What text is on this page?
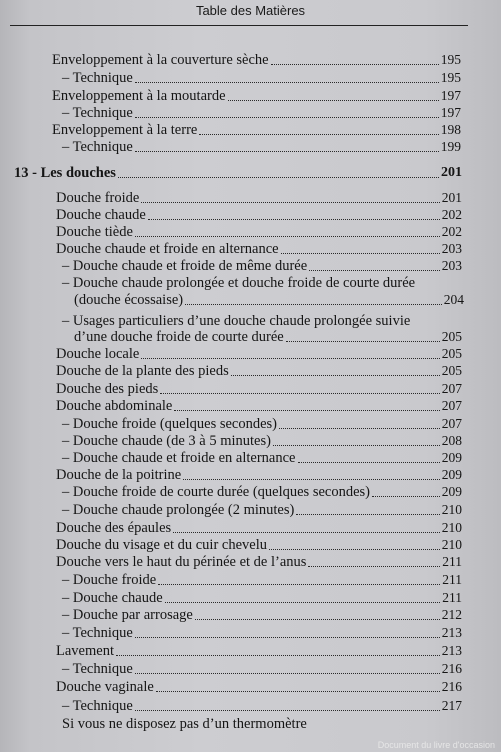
Table des Matières
Enveloppement à la couverture sèche	195
– Technique	195
Enveloppement à la moutarde	197
– Technique	197
Enveloppement à la terre	198
– Technique	199
13 - Les douches	201
Douche froide	201
Douche chaude	202
Douche tiède	202
Douche chaude et froide en alternance	203
– Douche chaude et froide de même durée	203
– Douche chaude prolongée et douche froide de courte durée
(douche écossaise)	204
– Usages particuliers d’une douche chaude prolongée suivie
d’une douche froide de courte durée	205
Douche locale	205
Douche de la plante des pieds	205
Douche des pieds	207
Douche abdominale	207
– Douche froide (quelques secondes)	207
– Douche chaude (de 3 à 5 minutes)	208
– Douche chaude et froide en alternance	209
Douche de la poitrine	209
– Douche froide de courte durée (quelques secondes)	209
– Douche chaude prolongée (2 minutes)	210
Douche des épaules	210
Douche du visage et du cuir chevelu	210
Douche vers le haut du périnée et de l’anus	211
– Douche froide	211
– Douche chaude	211
– Douche par arrosage	212
– Technique	213
Lavement	213
– Technique	216
Douche vaginale	216
– Technique	217
Si vous ne disposez pas d’un thermomètre
Document du livre d'occasion
